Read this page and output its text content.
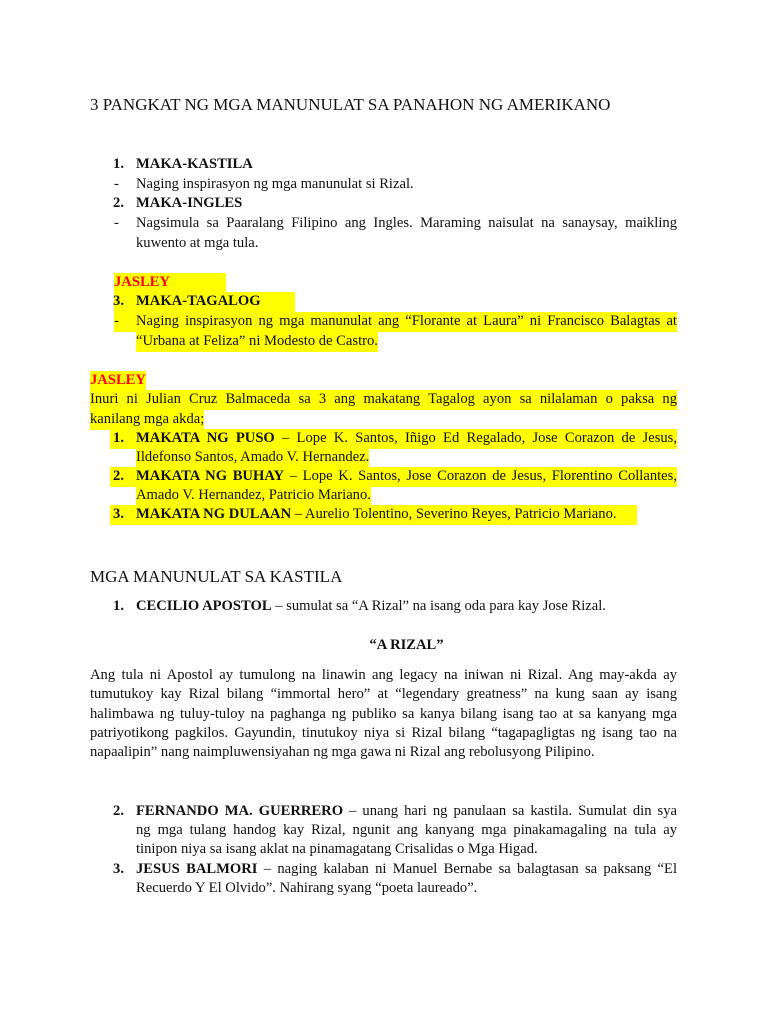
3 PANGKAT NG MGA MANUNULAT SA PANAHON NG AMERIKANO
1. MAKA-KASTILA
- Naging inspirasyon ng mga manunulat si Rizal.
2. MAKA-INGLES
- Nagsimula sa Paaralang Filipino ang Ingles. Maraming naisulat na sanaysay, maikling
kuwento at mga tula.
JASLEY
3. MAKA-TAGALOG
- Naging inspirasyon ng mga manunulat ang “Florante at Laura” ni Francisco Balagtas at
“Urbana at Feliza” ni Modesto de Castro.
JASLEY
Inuri ni Julian Cruz Balmaceda sa 3 ang makatang Tagalog ayon sa nilalaman o paksa ng
kanilang mga akda;
1. MAKATA NG PUSO – Lope K. Santos, Iñigo Ed Regalado, Jose Corazon de Jesus,
Ildefonso Santos, Amado V. Hernandez.
2. MAKATA NG BUHAY – Lope K. Santos, Jose Corazon de Jesus, Florentino Collantes,
Amado V. Hernandez, Patricio Mariano.
3. MAKATA NG DULAAN – Aurelio Tolentino, Severino Reyes, Patricio Mariano.
MGA MANUNULAT SA KASTILA
1. CECILIO APOSTOL – sumulat sa “A Rizal” na isang oda para kay Jose Rizal.
“A RIZAL”
Ang tula ni Apostol ay tumulong na linawin ang legacy na iniwan ni Rizal. Ang may-akda ay
tumutukoy kay Rizal bilang “immortal hero” at “legendary greatness” na kung saan ay isang
halimbawa ng tuluy-tuloy na paghanga ng publiko sa kanya bilang isang tao at sa kanyang mga
patriyotikong pagkilos. Gayundin, tinutukoy niya si Rizal bilang “tagapagligtas ng isang tao na
napaalipin” nang naimpluwensiyahan ng mga gawa ni Rizal ang rebolusyong Pilipino.
2. FERNANDO MA. GUERRERO – unang hari ng panulaan sa kastila. Sumulat din sya
ng mga tulang handog kay Rizal, ngunit ang kanyang mga pinakamagaling na tula ay
tinipon niya sa isang aklat na pinamagatang Crisalidas o Mga Higad.
3. JESUS BALMORI – naging kalaban ni Manuel Bernabe sa balagtasan sa paksang “El
Recuerdo Y El Olvido”. Nahirang syang “poeta laureado”.
